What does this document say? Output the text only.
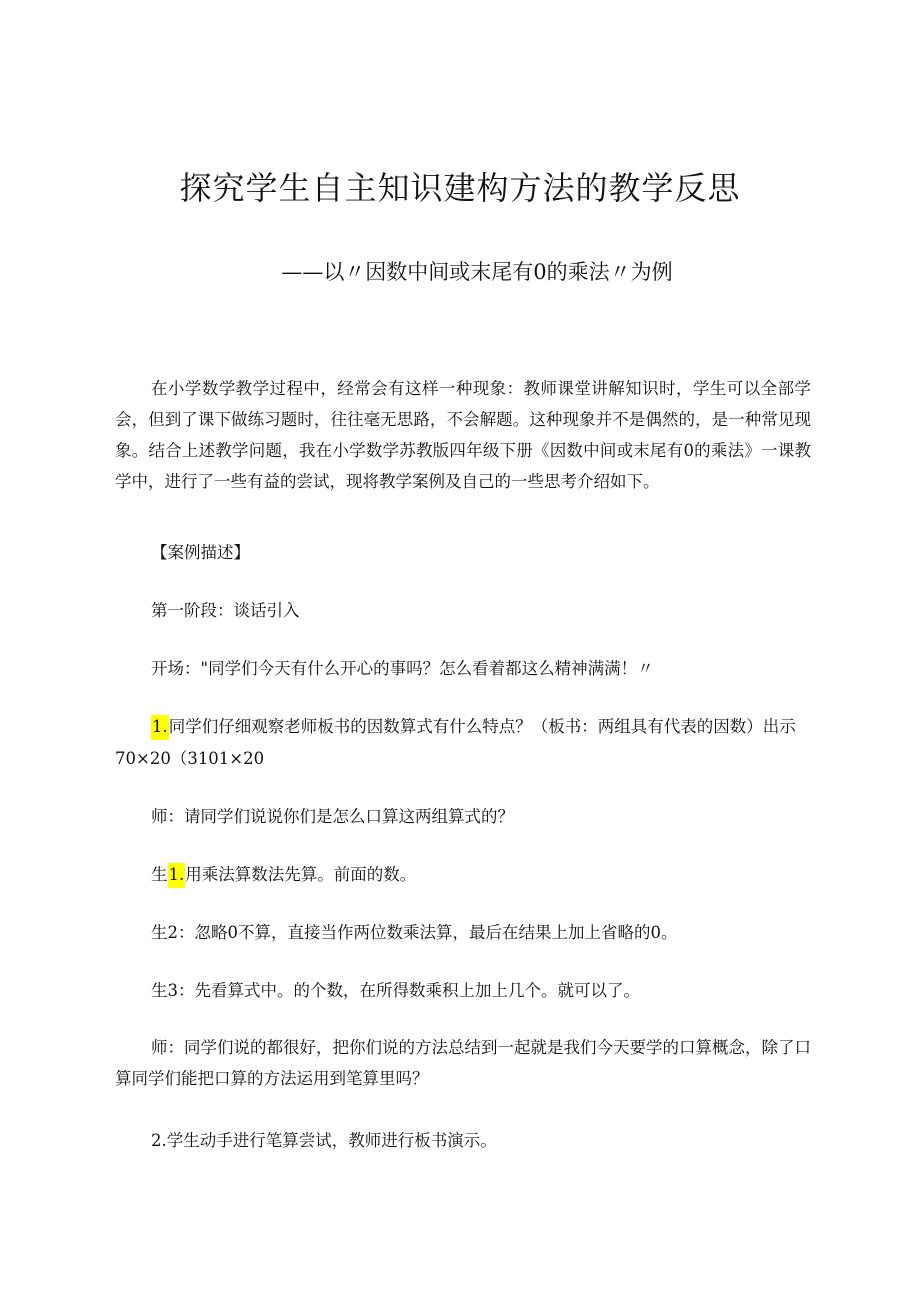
探究学生自主知识建构方法的教学反思
——以〃因数中间或末尾有0的乘法〃为例

在小学数学教学过程中，经常会有这样一种现象：教师课堂讲解知识时，学生可以全部学会，但到了课下做练习题时，往往毫无思路，不会解题。这种现象并不是偶然的，是一种常见现象。结合上述教学问题，我在小学数学苏教版四年级下册《因数中间或末尾有0的乘法》一课教学中，进行了一些有益的尝试，现将教学案例及自己的一些思考介绍如下。

【案例描述】

第一阶段：谈话引入

开场："同学们今天有什么开心的事吗？怎么看着都这么精神满满！〃

1.同学们仔细观察老师板书的因数算式有什么特点？（板书：两组具有代表的因数）出示

70×20（3101×20

师：请同学们说说你们是怎么口算这两组算式的？

生1.用乘法算数法先算。前面的数。

生2：忽略0不算，直接当作两位数乘法算，最后在结果上加上省略的0。

生3：先看算式中。的个数，在所得数乘积上加上几个。就可以了。

师：同学们说的都很好，把你们说的方法总结到一起就是我们今天要学的口算概念，除了口算同学们能把口算的方法运用到笔算里吗？

2.学生动手进行笔算尝试，教师进行板书演示。
